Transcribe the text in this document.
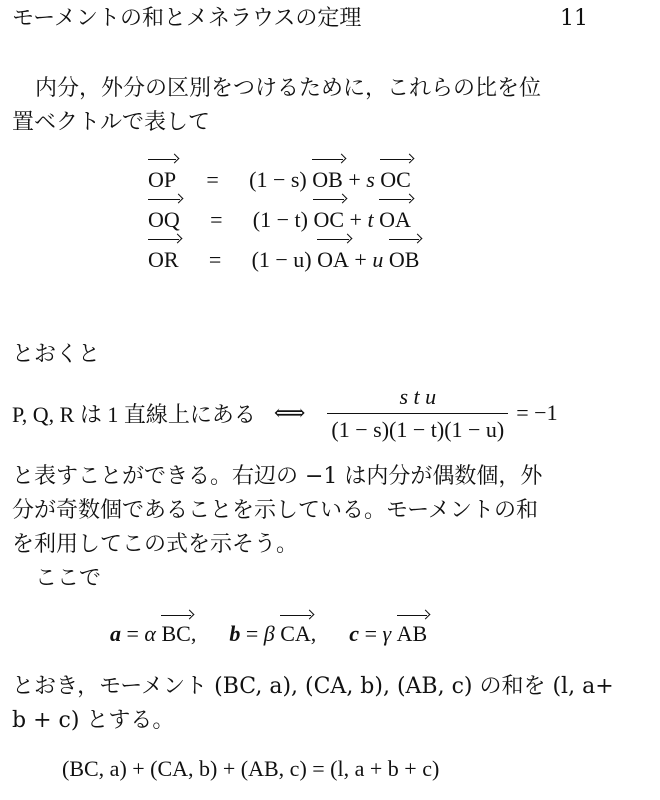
モーメントの和とメネラウスの定理	11
内分，外分の区別をつけるために，これらの比を位
置ベクトルで表して
OP = (1 − s) OB + s OC
OQ = (1 − t) OC + t OA
OR = (1 − u) OA + u OB
とおくと
P, Q, R は 1 直線上にある ⟺ $\frac{\text{s t u}}{(1 - s)(1 - t)(1 - u)} = -1$
と表すことができる。右辺の −1 は内分が偶数個，外
分が奇数個であることを示している。モーメントの和
を利用してこの式を示そう。
ここで
a = α BC, b = β CA, c = γ AB
とおき，モーメント (BC, a), (CA, b), (AB, c) の和を (l, a+
b + c) とする。
(BC, a) + (CA, b) + (AB, c) = (l, a + b + c)
